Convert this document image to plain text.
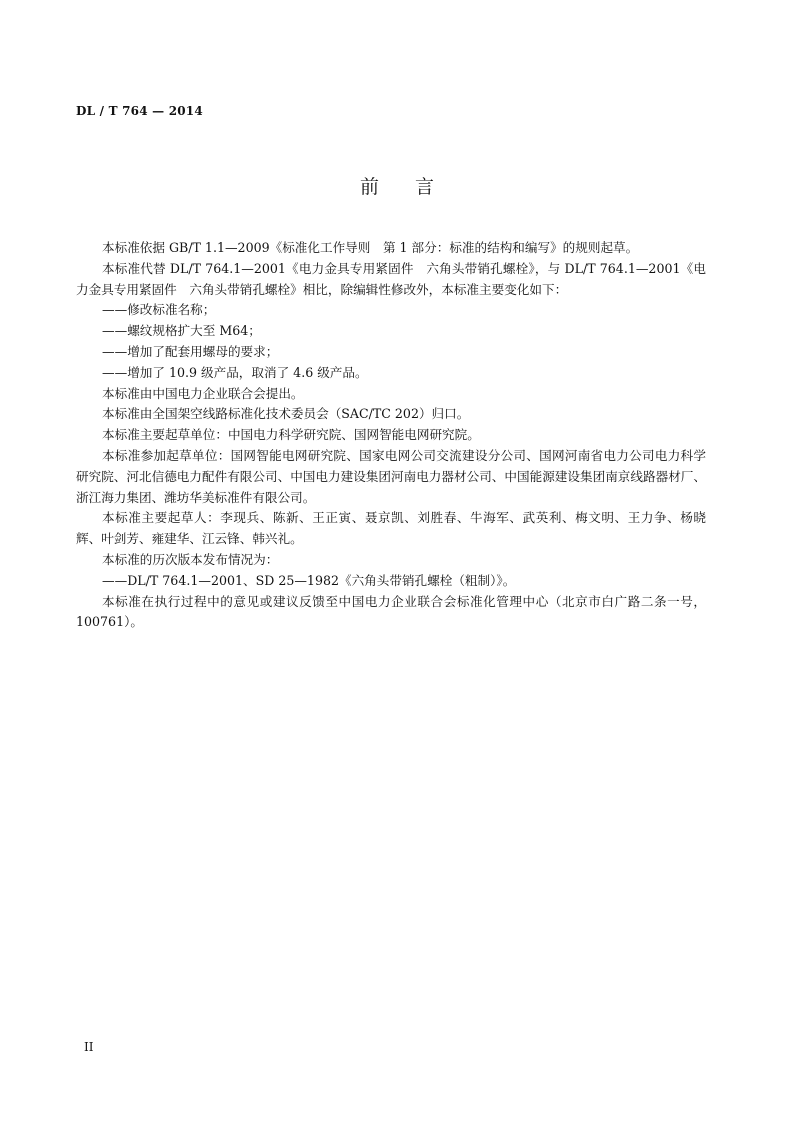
DL / T 764 — 2014
前言

本标准依据 GB/T 1.1—2009《标准化工作导则　第 1 部分：标准的结构和编写》的规则起草。

本标准代替 DL/T 764.1—2001《电力金具专用紧固件　六角头带销孔螺栓》，与 DL/T 764.1—2001《电力金具专用紧固件　六角头带销孔螺栓》相比，除编辑性修改外，本标准主要变化如下：

——修改标准名称；

——螺纹规格扩大至 M64；

——增加了配套用螺母的要求；

——增加了 10.9 级产品，取消了 4.6 级产品。

本标准由中国电力企业联合会提出。

本标准由全国架空线路标准化技术委员会（SAC/TC 202）归口。

本标准主要起草单位：中国电力科学研究院、国网智能电网研究院。

本标准参加起草单位：国网智能电网研究院、国家电网公司交流建设分公司、国网河南省电力公司电力科学研究院、河北信德电力配件有限公司、中国电力建设集团河南电力器材公司、中国能源建设集团南京线路器材厂、浙江海力集团、潍坊华美标准件有限公司。

本标准主要起草人：李现兵、陈新、王正寅、聂京凯、刘胜春、牛海军、武英利、梅文明、王力争、杨晓辉、叶剑芳、雍建华、江云锋、韩兴礼。

本标准的历次版本发布情况为：

——DL/T 764.1—2001、SD 25—1982《六角头带销孔螺栓（粗制）》。

本标准在执行过程中的意见或建议反馈至中国电力企业联合会标准化管理中心（北京市白广路二条一号，100761）。

II
